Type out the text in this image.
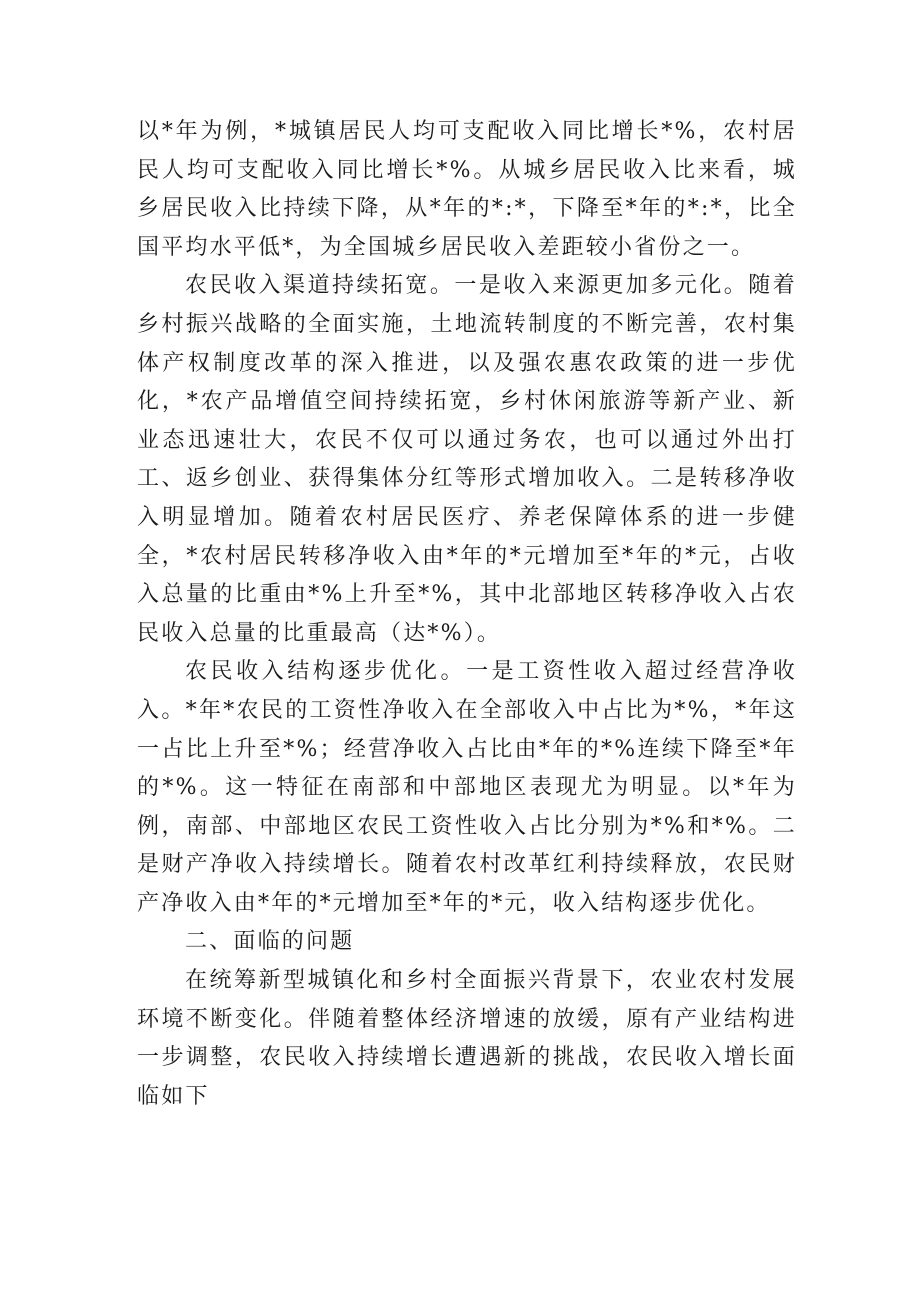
以*年为例，*城镇居民人均可支配收入同比增长*%，农村居民人均可支配收入同比增长*%。从城乡居民收入比来看，城乡居民收入比持续下降，从*年的*:*，下降至*年的*:*，比全国平均水平低*，为全国城乡居民收入差距较小省份之一。

农民收入渠道持续拓宽。一是收入来源更加多元化。随着乡村振兴战略的全面实施，土地流转制度的不断完善，农村集体产权制度改革的深入推进，以及强农惠农政策的进一步优化，*农产品增值空间持续拓宽，乡村休闲旅游等新产业、新业态迅速壮大，农民不仅可以通过务农，也可以通过外出打工、返乡创业、获得集体分红等形式增加收入。二是转移净收入明显增加。随着农村居民医疗、养老保障体系的进一步健全，*农村居民转移净收入由*年的*元增加至*年的*元，占收入总量的比重由*%上升至*%，其中北部地区转移净收入占农民收入总量的比重最高（达*%）。

农民收入结构逐步优化。一是工资性收入超过经营净收入。*年*农民的工资性净收入在全部收入中占比为*%，*年这一占比上升至*%；经营净收入占比由*年的*%连续下降至*年的*%。这一特征在南部和中部地区表现尤为明显。以*年为例，南部、中部地区农民工资性收入占比分别为*%和*%。二是财产净收入持续增长。随着农村改革红利持续释放，农民财产净收入由*年的*元增加至*年的*元，收入结构逐步优化。

二、面临的问题

在统筹新型城镇化和乡村全面振兴背景下，农业农村发展环境不断变化。伴随着整体经济增速的放缓，原有产业结构进一步调整，农民收入持续增长遭遇新的挑战，农民收入增长面临如下
